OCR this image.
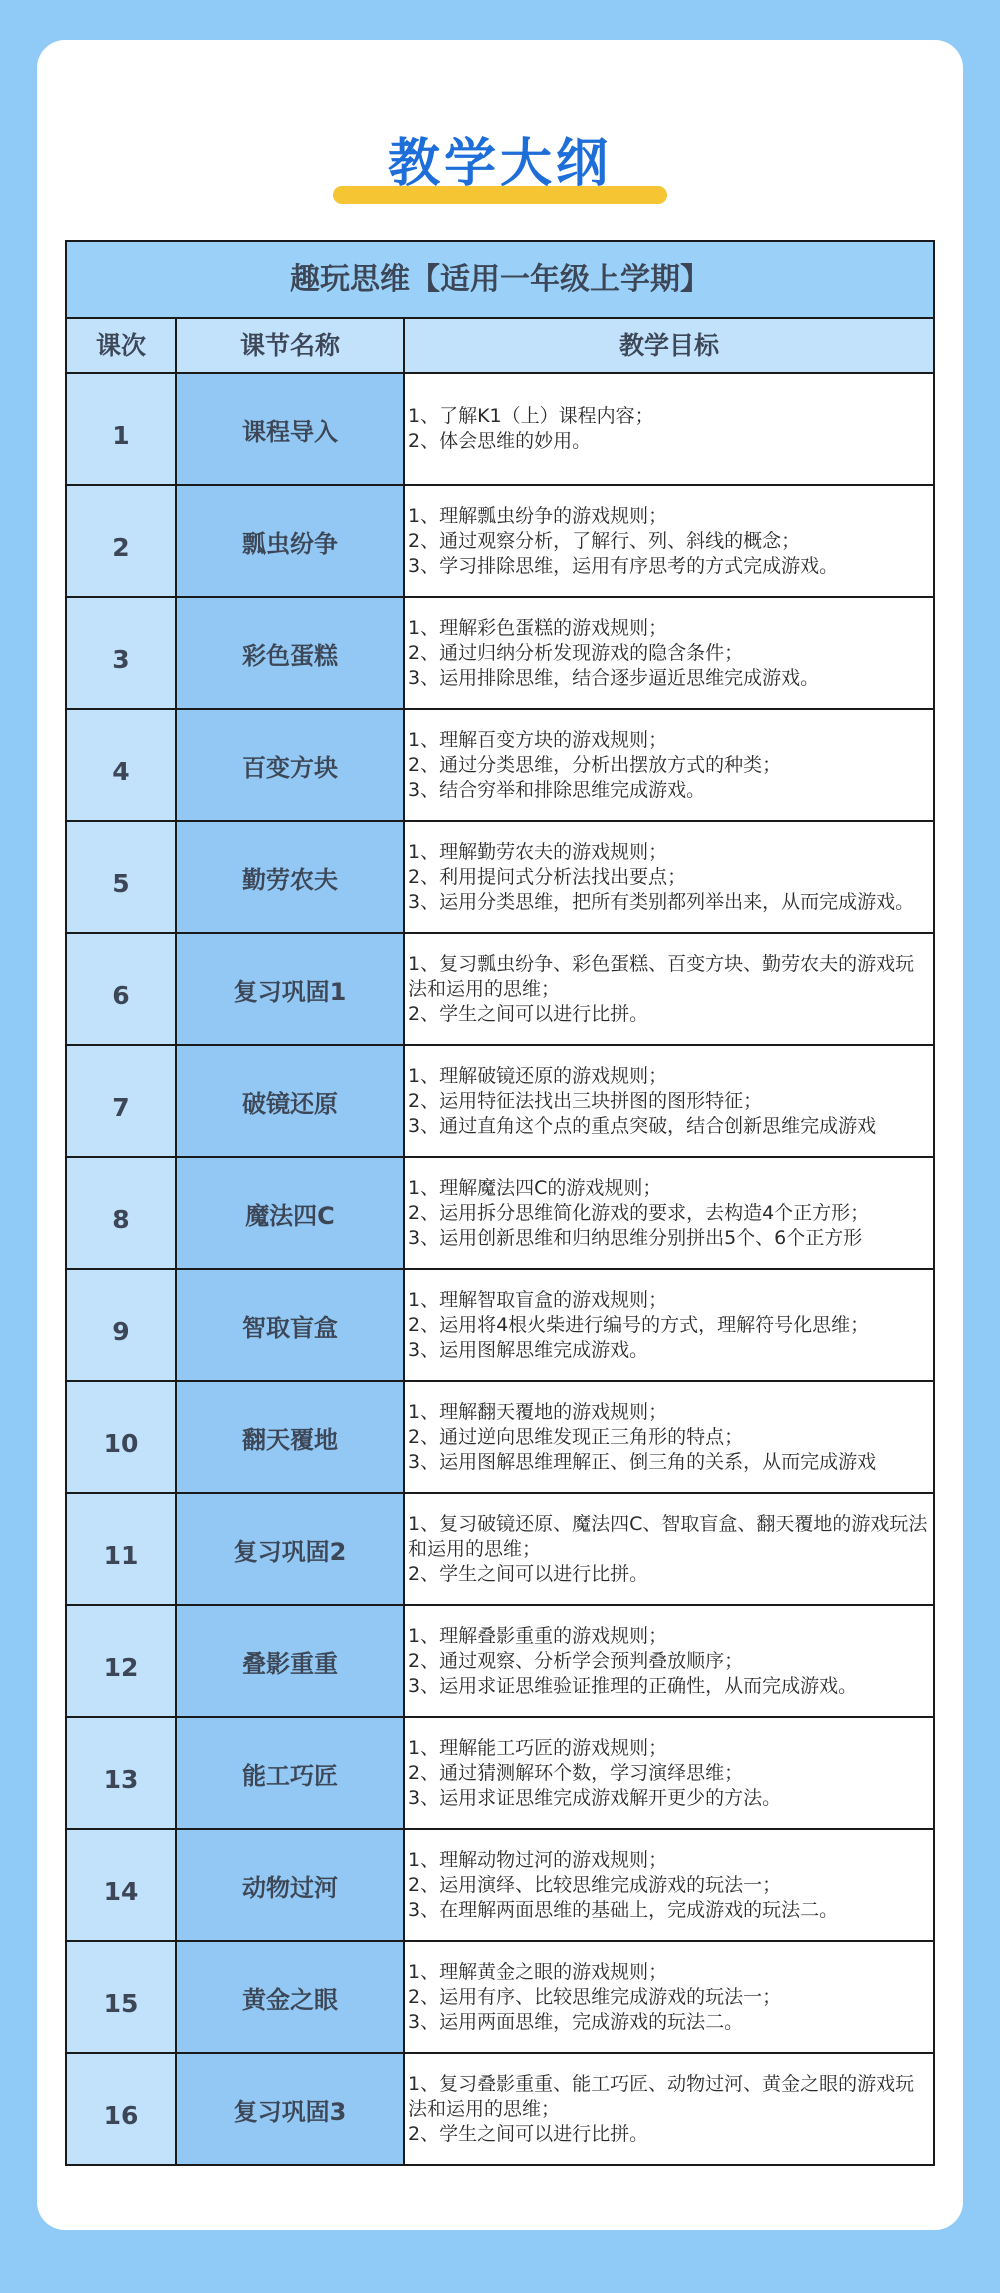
教学大纲
趣玩思维【适用一年级上学期】
课次	课节名称	教学目标
1	课程导入
1、了解K1（上）课程内容；
2、体会思维的妙用。
2	瓢虫纷争
1、理解瓢虫纷争的游戏规则；
2、通过观察分析，了解行、列、斜线的概念；
3、学习排除思维，运用有序思考的方式完成游戏。
3	彩色蛋糕
1、理解彩色蛋糕的游戏规则；
2、通过归纳分析发现游戏的隐含条件；
3、运用排除思维，结合逐步逼近思维完成游戏。
4	百变方块
1、理解百变方块的游戏规则；
2、通过分类思维，分析出摆放方式的种类；
3、结合穷举和排除思维完成游戏。
5	勤劳农夫
1、理解勤劳农夫的游戏规则；
2、利用提问式分析法找出要点；
3、运用分类思维，把所有类别都列举出来，从而完成游戏。
6	复习巩固1
1、复习瓢虫纷争、彩色蛋糕、百变方块、勤劳农夫的游戏玩法和运用的思维；
2、学生之间可以进行比拼。
7	破镜还原
1、理解破镜还原的游戏规则；
2、运用特征法找出三块拼图的图形特征；
3、通过直角这个点的重点突破，结合创新思维完成游戏
8	魔法四C
1、理解魔法四C的游戏规则；
2、运用拆分思维简化游戏的要求，去构造4个正方形；
3、运用创新思维和归纳思维分别拼出5个、6个正方形
9	智取盲盒
1、理解智取盲盒的游戏规则；
2、运用将4根火柴进行编号的方式，理解符号化思维；
3、运用图解思维完成游戏。
10	翻天覆地
1、理解翻天覆地的游戏规则；
2、通过逆向思维发现正三角形的特点；
3、运用图解思维理解正、倒三角的关系，从而完成游戏
11	复习巩固2
1、复习破镜还原、魔法四C、智取盲盒、翻天覆地的游戏玩法和运用的思维；
2、学生之间可以进行比拼。
12	叠影重重
1、理解叠影重重的游戏规则；
2、通过观察、分析学会预判叠放顺序；
3、运用求证思维验证推理的正确性，从而完成游戏。
13	能工巧匠
1、理解能工巧匠的游戏规则；
2、通过猜测解环个数，学习演绎思维；
3、运用求证思维完成游戏解开更少的方法。
14	动物过河
1、理解动物过河的游戏规则；
2、运用演绎、比较思维完成游戏的玩法一；
3、在理解两面思维的基础上，完成游戏的玩法二。
15	黄金之眼
1、理解黄金之眼的游戏规则；
2、运用有序、比较思维完成游戏的玩法一；
3、运用两面思维，完成游戏的玩法二。
16	复习巩固3
1、复习叠影重重、能工巧匠、动物过河、黄金之眼的游戏玩法和运用的思维；
2、学生之间可以进行比拼。
